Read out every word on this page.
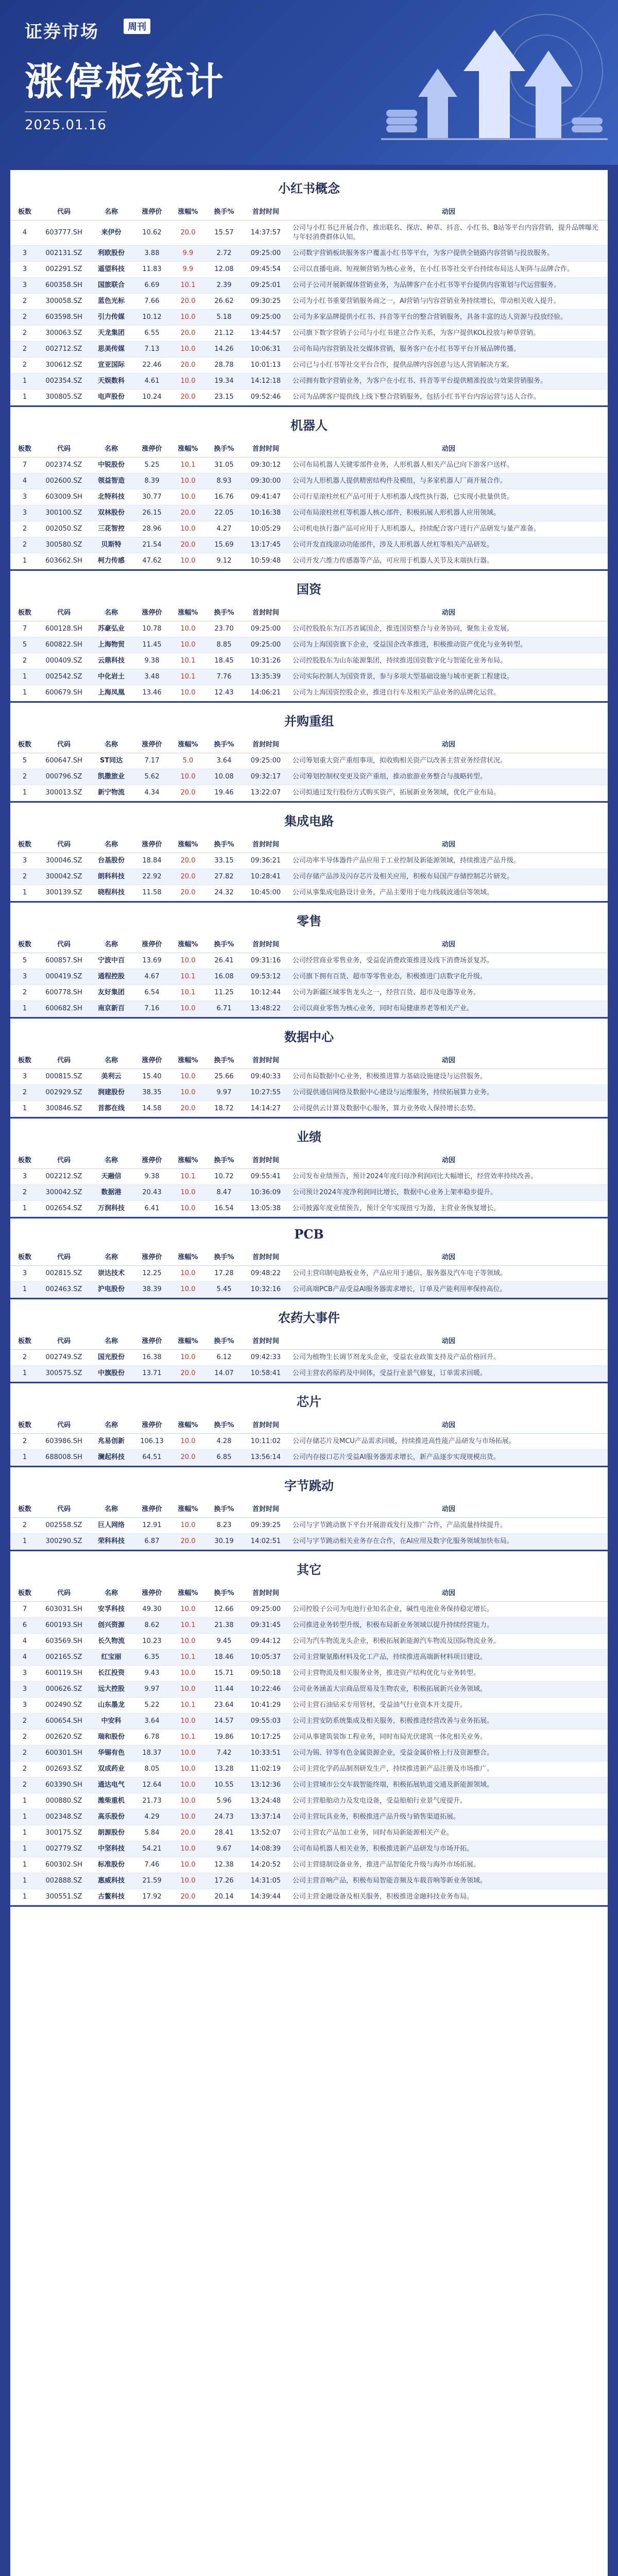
证券市场	周刊
涨停板统计
2025.01.16
小红书概念
板数	代码	名称	涨停价	涨幅%	换手%	首封时间	动因
4	603777.SH	来伊份	10.62	20.0	15.57	14:37:57	公司与小红书已开展合作，推出联名、探店、种草、抖音、小红书、B站等平台内容营销，提升品牌曝光与年轻消费群体认知。
3	002131.SZ	利欧股份	3.88	9.9	2.72	09:25:00	公司数字营销板块服务客户覆盖小红书等平台，为客户提供全链路内容营销与投放服务。
3	002291.SZ	遥望科技	11.83	9.9	12.08	09:45:54	公司以直播电商、短视频营销为核心业务，在小红书等社交平台持续布局达人矩阵与品牌合作。
3	600358.SH	国旅联合	6.69	10.1	2.39	09:25:01	公司子公司开展新媒体营销业务，为品牌客户在小红书等平台提供内容策划与代运营服务。
2	300058.SZ	蓝色光标	7.66	20.0	26.62	09:30:25	公司为小红书重要营销服务商之一，AI营销与内容营销业务持续增长，带动相关收入提升。
2	603598.SH	引力传媒	10.12	10.0	5.18	09:25:00	公司为多家品牌提供小红书、抖音等平台的整合营销服务，具备丰富的达人资源与投放经验。
2	300063.SZ	天龙集团	6.55	20.0	21.12	13:44:57	公司旗下数字营销子公司与小红书建立合作关系，为客户提供KOL投放与种草营销。
2	002712.SZ	思美传媒	7.13	10.0	14.26	10:06:31	公司布局内容营销及社交媒体营销，服务客户在小红书等平台开展品牌传播。
2	300612.SZ	宣亚国际	22.46	20.0	28.78	10:01:13	公司已与小红书等社交平台合作，提供品牌内容创意与达人营销解决方案。
1	002354.SZ	天娱数科	4.61	10.0	19.34	14:12:18	公司拥有数字营销业务，为客户在小红书、抖音等平台提供精准投放与效果营销服务。
1	300805.SZ	电声股份	10.24	20.0	23.15	09:52:46	公司为品牌客户提供线上线下整合营销服务，包括小红书平台内容运营与达人合作。
机器人
板数	代码	名称	涨停价	涨幅%	换手%	首封时间	动因
7	002374.SZ	中锐股份	5.25	10.1	31.05	09:30:12	公司布局机器人关键零部件业务，人形机器人相关产品已向下游客户送样。
4	002600.SZ	领益智造	8.39	10.0	8.93	09:30:00	公司为人形机器人提供精密结构件及模组，与多家机器人厂商开展合作。
3	603009.SH	北特科技	30.77	10.0	16.76	09:41:47	公司行星滚柱丝杠产品可用于人形机器人线性执行器，已实现小批量供货。
3	300100.SZ	双林股份	26.15	20.0	22.05	10:16:38	公司布局滚柱丝杠等机器人核心部件，积极拓展人形机器人应用领域。
2	002050.SZ	三花智控	28.96	10.0	4.27	10:05:29	公司机电执行器产品可应用于人形机器人，持续配合客户进行产品研发与量产准备。
2	300580.SZ	贝斯特	21.54	20.0	15.69	13:17:45	公司开发直线滚动功能部件，涉及人形机器人丝杠等相关产品研发。
1	603662.SH	柯力传感	47.62	10.0	9.12	10:59:48	公司开发六维力传感器等产品，可应用于机器人关节及末端执行器。
国资
板数	代码	名称	涨停价	涨幅%	换手%	首封时间	动因
7	600128.SH	苏豪弘业	10.78	10.0	23.70	09:25:00	公司控股股东为江苏省属国企，推进国资整合与业务协同，聚焦主业发展。
5	600822.SH	上海物贸	11.45	10.0	8.85	09:25:00	公司为上海国资旗下企业，受益国企改革推进，积极推动资产优化与业务转型。
2	000409.SZ	云鼎科技	9.38	10.1	18.45	10:31:26	公司控股股东为山东能源集团，持续推进国资数字化与智能化业务布局。
1	002542.SZ	中化岩土	3.48	10.1	7.76	13:35:39	公司实际控制人为国资背景，参与多项大型基础设施与城市更新工程建设。
1	600679.SH	上海凤凰	13.46	10.0	12.43	14:06:21	公司为上海国资控股企业，推进自行车及相关产品业务的品牌化运营。
并购重组
板数	代码	名称	涨停价	涨幅%	换手%	首封时间	动因
5	600647.SH	ST同达	7.17	5.0	3.64	09:25:00	公司筹划重大资产重组事项，拟收购相关资产以改善主营业务经营状况。
2	000796.SZ	凯撒旅业	5.62	10.0	10.08	09:32:17	公司筹划控制权变更及资产重组，推动旅游业务整合与战略转型。
1	300013.SZ	新宁物流	4.34	20.0	19.46	13:22:07	公司拟通过发行股份方式购买资产，拓展新业务领域，优化产业布局。
集成电路
板数	代码	名称	涨停价	涨幅%	换手%	首封时间	动因
3	300046.SZ	台基股份	18.84	20.0	33.15	09:36:21	公司功率半导体器件产品应用于工业控制及新能源领域，持续推进产品升级。
2	300042.SZ	朗科科技	22.92	20.0	27.82	10:28:41	公司存储产品涉及闪存芯片及相关应用，积极布局国产存储控制芯片研发。
1	300139.SZ	晓程科技	11.58	20.0	24.32	10:45:00	公司从事集成电路设计业务，产品主要用于电力线载波通信等领域。
零售
板数	代码	名称	涨停价	涨幅%	换手%	首封时间	动因
5	600857.SH	宁波中百	13.69	10.0	26.41	09:31:16	公司经营商业零售业务，受益促消费政策推进及线下消费场景复苏。
3	000419.SZ	通程控股	4.67	10.1	16.08	09:53:12	公司旗下拥有百货、超市等零售业态，积极推进门店数字化升级。
2	600778.SH	友好集团	6.54	10.1	11.25	10:12:44	公司为新疆区域零售龙头之一，经营百货、超市及电器等业务。
1	600682.SH	南京新百	7.16	10.0	6.71	13:48:22	公司以商业零售为核心业务，同时布局健康养老等相关产业。
数据中心
板数	代码	名称	涨停价	涨幅%	换手%	首封时间	动因
3	000815.SZ	美利云	15.40	10.0	25.66	09:40:33	公司布局数据中心业务，积极推进算力基础设施建设与运营服务。
2	002929.SZ	润建股份	38.35	10.0	9.97	10:27:55	公司提供通信网络及数据中心建设与运维服务，持续拓展算力业务。
1	300846.SZ	首都在线	14.58	20.0	18.72	14:14:27	公司提供云计算及数据中心服务，算力业务收入保持增长态势。
业绩
板数	代码	名称	涨停价	涨幅%	换手%	首封时间	动因
3	002212.SZ	天融信	9.38	10.1	10.72	09:55:41	公司发布业绩预告，预计2024年度归母净利润同比大幅增长，经营效率持续改善。
2	300042.SZ	数据港	20.43	10.0	8.47	10:36:09	公司预计2024年度净利润同比增长，数据中心业务上架率稳步提升。
1	002654.SZ	万润科技	6.41	10.0	16.54	13:05:38	公司披露年度业绩预告，预计全年实现扭亏为盈，主营业务恢复增长。
PCB
板数	代码	名称	涨停价	涨幅%	换手%	首封时间	动因
3	002815.SZ	崇达技术	12.25	10.0	17.28	09:48:22	公司主营印制电路板业务，产品应用于通信、服务器及汽车电子等领域。
1	002463.SZ	沪电股份	38.39	10.0	5.45	10:32:16	公司高端PCB产品受益AI服务器需求增长，订单及产能利用率保持高位。
农药大事件
板数	代码	名称	涨停价	涨幅%	换手%	首封时间	动因
2	002749.SZ	国光股份	16.38	10.0	6.12	09:42:33	公司为植物生长调节剂龙头企业，受益农业政策支持及产品价格回升。
1	300575.SZ	中旗股份	13.71	20.0	14.07	10:58:41	公司主营农药原药及中间体，受益行业景气修复，订单需求回暖。
芯片
板数	代码	名称	涨停价	涨幅%	换手%	首封时间	动因
2	603986.SH	兆易创新	106.13	10.0	4.28	10:11:02	公司存储芯片及MCU产品需求回暖，持续推进高性能产品研发与市场拓展。
1	688008.SH	澜起科技	64.51	20.0	6.85	13:56:14	公司内存接口芯片受益AI服务器需求增长，新产品逐步实现规模出货。
字节跳动
板数	代码	名称	涨停价	涨幅%	换手%	首封时间	动因
2	002558.SZ	巨人网络	12.91	10.0	8.23	09:39:25	公司与字节跳动旗下平台开展游戏发行及推广合作，产品流量持续提升。
1	300290.SZ	荣科科技	6.87	20.0	30.19	14:02:51	公司与字节跳动相关业务存在合作，在AI应用及数字化服务领域加快布局。
其它
板数	代码	名称	涨停价	涨幅%	换手%	首封时间	动因
7	603031.SH	安孚科技	49.30	10.0	12.66	09:25:00	公司控股子公司为电池行业知名企业，碱性电池业务保持稳定增长。
6	600193.SH	创兴资源	8.62	10.1	21.38	09:31:45	公司推进业务转型升级，积极布局新业务领域以提升持续经营能力。
4	603569.SH	长久物流	10.23	10.0	9.45	09:44:12	公司为汽车物流龙头企业，积极拓展新能源汽车物流及国际物流业务。
4	002165.SZ	红宝丽	6.35	10.1	18.46	10:05:37	公司主营聚氨酯材料及化工产品，持续推进高端新材料项目建设。
3	600119.SH	长江投资	9.43	10.0	15.71	09:50:18	公司主营物流及相关服务业务，推进资产结构优化与业务转型。
3	000626.SZ	远大控股	9.97	10.0	11.44	10:22:46	公司业务涵盖大宗商品贸易及生物农业，积极拓展新兴业务领域。
3	002490.SZ	山东墨龙	5.22	10.1	23.64	10:41:29	公司主营石油钻采专用管材，受益油气行业资本开支提升。
2	600654.SH	中安科	3.64	10.0	14.57	09:55:03	公司主营安防系统集成及相关服务，积极推进经营改善与业务拓展。
2	002620.SZ	瑞和股份	6.78	10.1	19.86	10:17:25	公司从事建筑装饰工程业务，同时布局光伏建筑一体化相关业务。
2	600301.SH	华锡有色	18.37	10.0	7.42	10:33:51	公司为锡、锌等有色金属资源企业，受益金属价格上行及资源整合。
2	002693.SZ	双成药业	8.05	10.0	13.28	11:02:19	公司主营化学药品制剂研发生产，持续推进新产品注册及市场推广。
2	603390.SH	通达电气	12.64	10.0	10.55	13:12:36	公司主营城市公交车载智能终端，积极拓展轨道交通及新能源领域。
1	000880.SZ	潍柴重机	21.73	10.0	5.96	13:24:48	公司主营船舶动力及发电设备，受益船舶行业景气度提升。
1	002348.SZ	高乐股份	4.29	10.0	24.73	13:37:14	公司主营玩具业务，积极推进产品升级与销售渠道拓展。
1	300175.SZ	朗源股份	5.84	20.0	28.41	13:52:07	公司主营农产品加工业务，同时布局新能源相关产业。
1	002779.SZ	中坚科技	54.21	10.0	9.67	14:08:39	公司布局机器人相关业务，积极推进新产品研发与市场开拓。
1	600302.SH	标准股份	7.46	10.0	12.38	14:20:52	公司主营缝制设备业务，推进产品智能化升级与海外市场拓展。
1	002888.SZ	惠威科技	21.59	10.0	17.26	14:31:05	公司主营音响产品，积极布局智能音频及车载音响等新业务领域。
1	300551.SZ	古鳌科技	17.92	20.0	20.14	14:39:44	公司主营金融设备及相关服务，积极推进金融科技业务布局。
